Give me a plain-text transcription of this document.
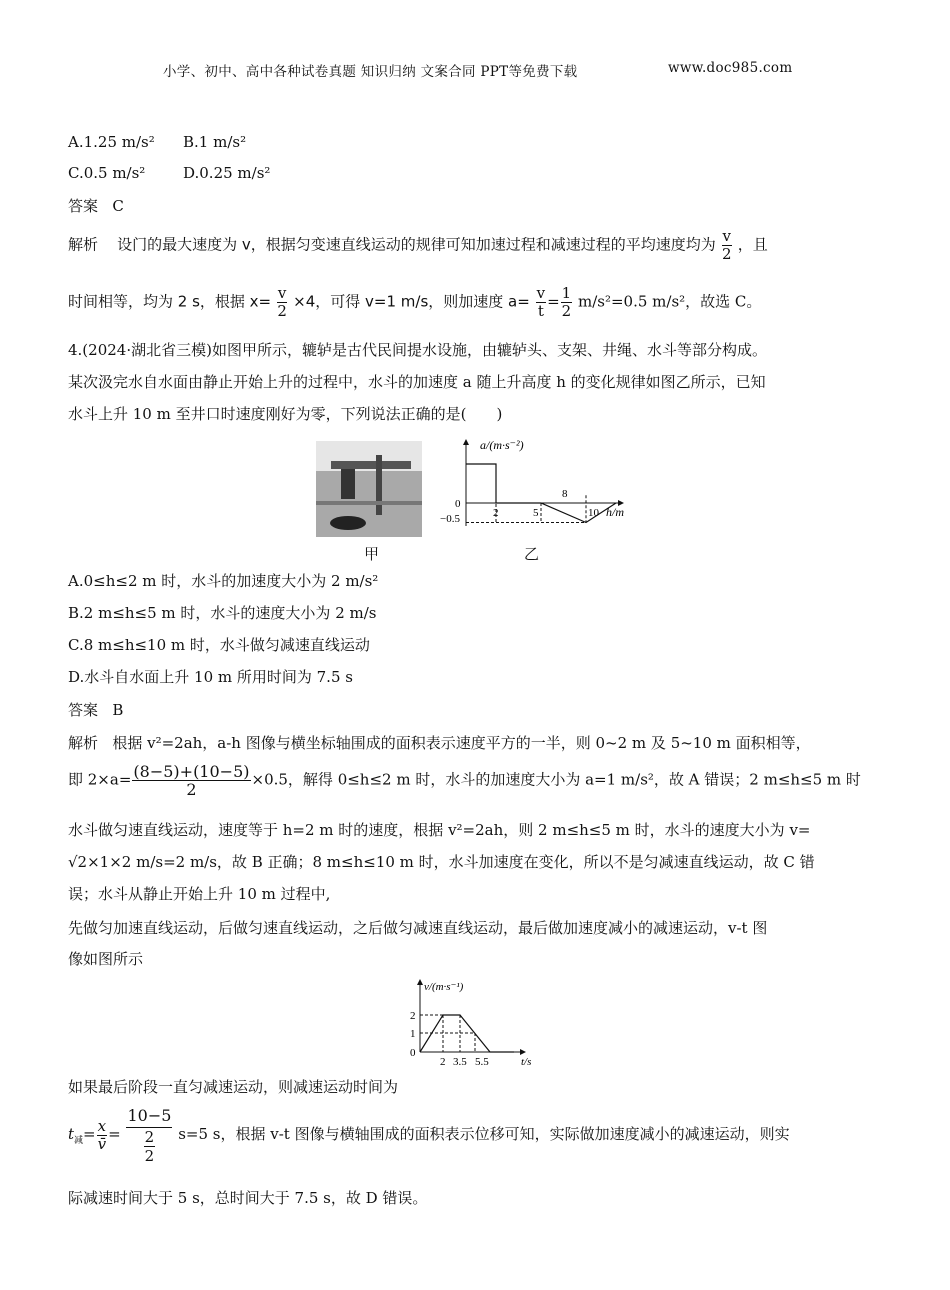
小学、初中、高中各种试卷真题 知识归纳 文案合同 PPT等免费下载	www.doc985.com
A.1.25 m/s² B.1 m/s²
C.0.5 m/s²	D.0.25 m/s²
答案 C
解析 设门的最大速度为 v，根据匀变速直线运动的规律可知加速过程和减速过程的平均速度均为 $\frac{v}{2}$ ，且
时间相等，均为 2 s，根据 $x= \frac{v}{2} \times 4$，可得 v=1 m/s，则加速度 $a= \frac{v}{t} = \frac{1}{2} m/s^2=0.5$ m/s²，故选 C。
4.(2024·湖北省三模)如图甲所示，辘轳是古代民间提水设施，由辘轳头、支架、井绳、水斗等部分构成。
某次汲完水自水面由静止开始上升的过程中，水斗的加速度 a 随上升高度 h 的变化规律如图乙所示，已知
水斗上升 10 m 至井口时速度刚好为零，下列说法正确的是(　　)
甲
a/(m·s⁻²)
0
−0.5	2	5
8
10 h/m
乙
A.0≤h≤2 m 时，水斗的加速度大小为 2 m/s²
B.2 m≤h≤5 m 时，水斗的速度大小为 2 m/s
C.8 m≤h≤10 m 时，水斗做匀减速直线运动
D.水斗自水面上升 10 m 所用时间为 7.5 s
答案 B
解析 根据 v²=2ah，a-h 图像与横坐标轴围成的面积表示速度平方的一半，则 0~2 m 及 5~10 m 面积相等，
即 $2\times a= \frac{(8-5)+(10-5)}{2} \times 0.5$，解得 0≤h≤2 m 时，水斗的加速度大小为 a=1 m/s²，故 A 错误；2 m≤h≤5 m 时
水斗做匀速直线运动，速度等于 h=2 m 时的速度，根据 v²=2ah，则 2 m≤h≤5 m 时，水斗的速度大小为 v=
√2×1×2 m/s=2 m/s，故 B 正确；8 m≤h≤10 m 时，水斗加速度在变化，所以不是匀减速直线运动，故 C 错
误；水斗从静止开始上升 10 m 过程中,
先做匀加速直线运动，后做匀速直线运动，之后做匀减速直线运动，最后做加速度减小的减速运动，v-t 图
像如图所示
v/(m·s⁻¹)
2
1
0
2 3.5 5.5	t/s
如果最后阶段一直匀减速运动，则减速运动时间为
$t_减= \frac{x}{v̄} = \frac{10-5}{\frac{2}{2}} s=5$ s，根据 v-t 图像与横轴围成的面积表示位移可知，实际做加速度减小的减速运动，则实
际减速时间大于 5 s，总时间大于 7.5 s，故 D 错误。
